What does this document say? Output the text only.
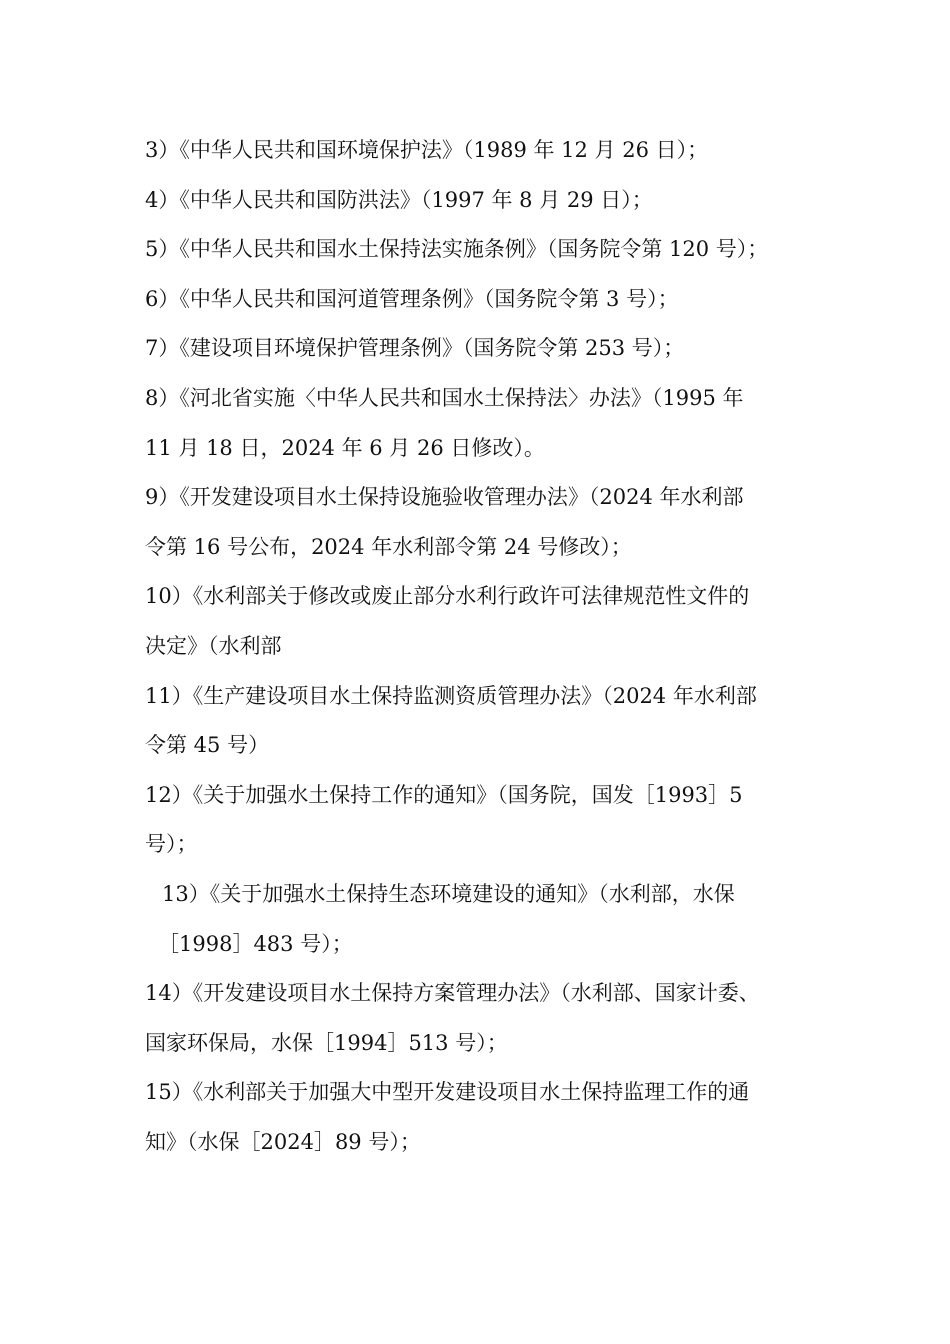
3）《中华人民共和国环境保护法》（1989 年 12 月 26 日）；
4）《中华人民共和国防洪法》（1997 年 8 月 29 日）；
5）《中华人民共和国水土保持法实施条例》（国务院令第 120 号）；
6）《中华人民共和国河道管理条例》（国务院令第 3 号）；
7）《建设项目环境保护管理条例》（国务院令第 253 号）；
8）《河北省实施〈中华人民共和国水土保持法〉办法》（1995 年
11 月 18 日，2024 年 6 月 26 日修改）。
9）《开发建设项目水土保持设施验收管理办法》（2024 年水利部
令第 16 号公布，2024 年水利部令第 24 号修改）；
10）《水利部关于修改或废止部分水利行政许可法律规范性文件的
决定》（水利部
11）《生产建设项目水土保持监测资质管理办法》（2024 年水利部
令第 45 号）
12）《关于加强水土保持工作的通知》（国务院，国发［1993］5
号）；
13）《关于加强水土保持生态环境建设的通知》（水利部，水保
［1998］483 号）；
14）《开发建设项目水土保持方案管理办法》（水利部、国家计委、
国家环保局，水保［1994］513 号）；
15）《水利部关于加强大中型开发建设项目水土保持监理工作的通
知》（水保［2024］89 号）；
